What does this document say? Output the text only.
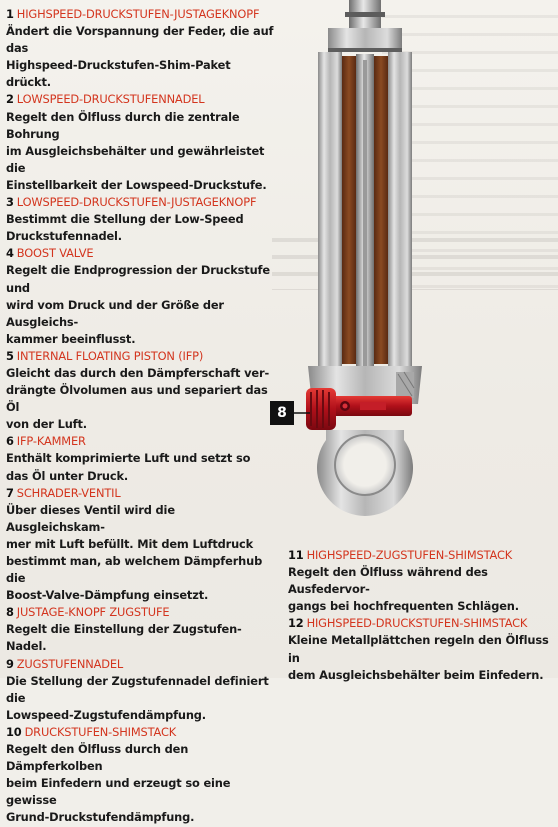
8
1 HIGHSPEED-DRUCKSTUFEN-JUSTAGEKNOPF
Ändert die Vorspannung der Feder, die auf das
Highspeed-Druckstufen-Shim-Paket drückt.
2 LOWSPEED-DRUCKSTUFENNADEL
Regelt den Ölfluss durch die zentrale Bohrung
im Ausgleichsbehälter und gewährleistet die
Einstellbarkeit der Lowspeed-Druckstufe.
3 LOWSPEED-DRUCKSTUFEN-JUSTAGEKNOPF
Bestimmt die Stellung der Low-Speed
Druckstufennadel.
4 BOOST VALVE
Regelt die Endprogression der Druckstufe und
wird vom Druck und der Größe der Ausgleichs-
kammer beeinflusst.
5 INTERNAL FLOATING PISTON (IFP)
Gleicht das durch den Dämpferschaft ver-
drängte Ölvolumen aus und separiert das Öl
von der Luft.
6 IFP-KAMMER
Enthält komprimierte Luft und setzt so
das Öl unter Druck.
7 SCHRADER-VENTIL
Über dieses Ventil wird die Ausgleichskam-
mer mit Luft befüllt. Mit dem Luftdruck
bestimmt man, ab welchem Dämpferhub die
Boost-Valve-Dämpfung einsetzt.
8 JUSTAGE-KNOPF ZUGSTUFE
Regelt die Einstellung der Zugstufen-Nadel.
9 ZUGSTUFENNADEL
Die Stellung der Zugstufennadel definiert die
Lowspeed-Zugstufendämpfung.
10 DRUCKSTUFEN-SHIMSTACK
Regelt den Ölfluss durch den Dämpferkolben
beim Einfedern und erzeugt so eine gewisse
Grund-Druckstufendämpfung.
11 HIGHSPEED-ZUGSTUFEN-SHIMSTACK
Regelt den Ölfluss während des Ausfedervor-
gangs bei hochfrequenten Schlägen.
12 HIGHSPEED-DRUCKSTUFEN-SHIMSTACK
Kleine Metallplättchen regeln den Ölfluss in
dem Ausgleichsbehälter beim Einfedern.
